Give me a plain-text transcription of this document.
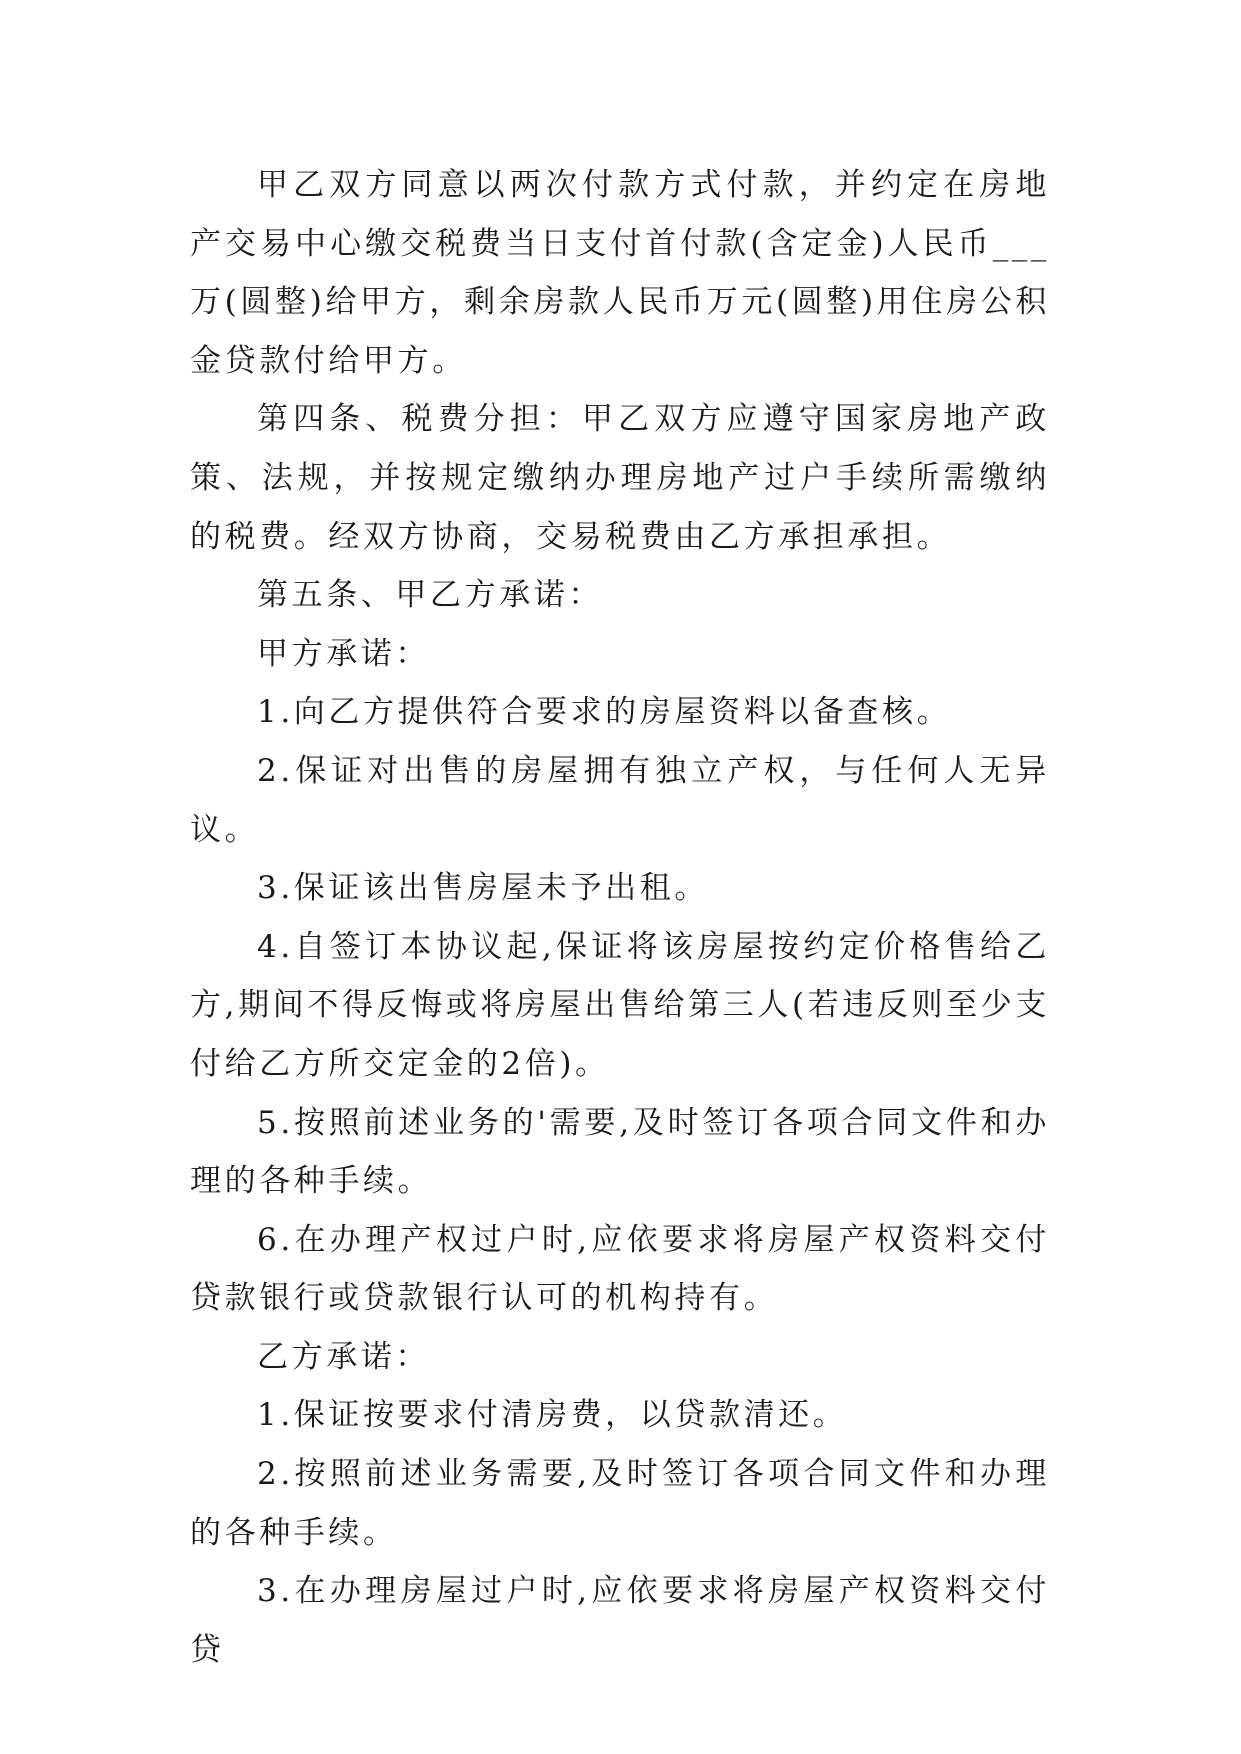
甲乙双方同意以两次付款方式付款，并约定在房地产交易中心缴交税费当日支付首付款(含定金)人民币___万(圆整)给甲方，剩余房款人民币万元(圆整)用住房公积金贷款付给甲方。

第四条、税费分担：甲乙双方应遵守国家房地产政策、法规，并按规定缴纳办理房地产过户手续所需缴纳的税费。经双方协商，交易税费由乙方承担承担。

第五条、甲乙方承诺：

甲方承诺：

1.向乙方提供符合要求的房屋资料以备查核。

2.保证对出售的房屋拥有独立产权，与任何人无异议。

3.保证该出售房屋未予出租。

4.自签订本协议起,保证将该房屋按约定价格售给乙方,期间不得反悔或将房屋出售给第三人(若违反则至少支付给乙方所交定金的2倍)。

5.按照前述业务的'需要,及时签订各项合同文件和办理的各种手续。

6.在办理产权过户时,应依要求将房屋产权资料交付贷款银行或贷款银行认可的机构持有。

乙方承诺：

1.保证按要求付清房费，以贷款清还。

2.按照前述业务需要,及时签订各项合同文件和办理的各种手续。

3.在办理房屋过户时,应依要求将房屋产权资料交付贷
